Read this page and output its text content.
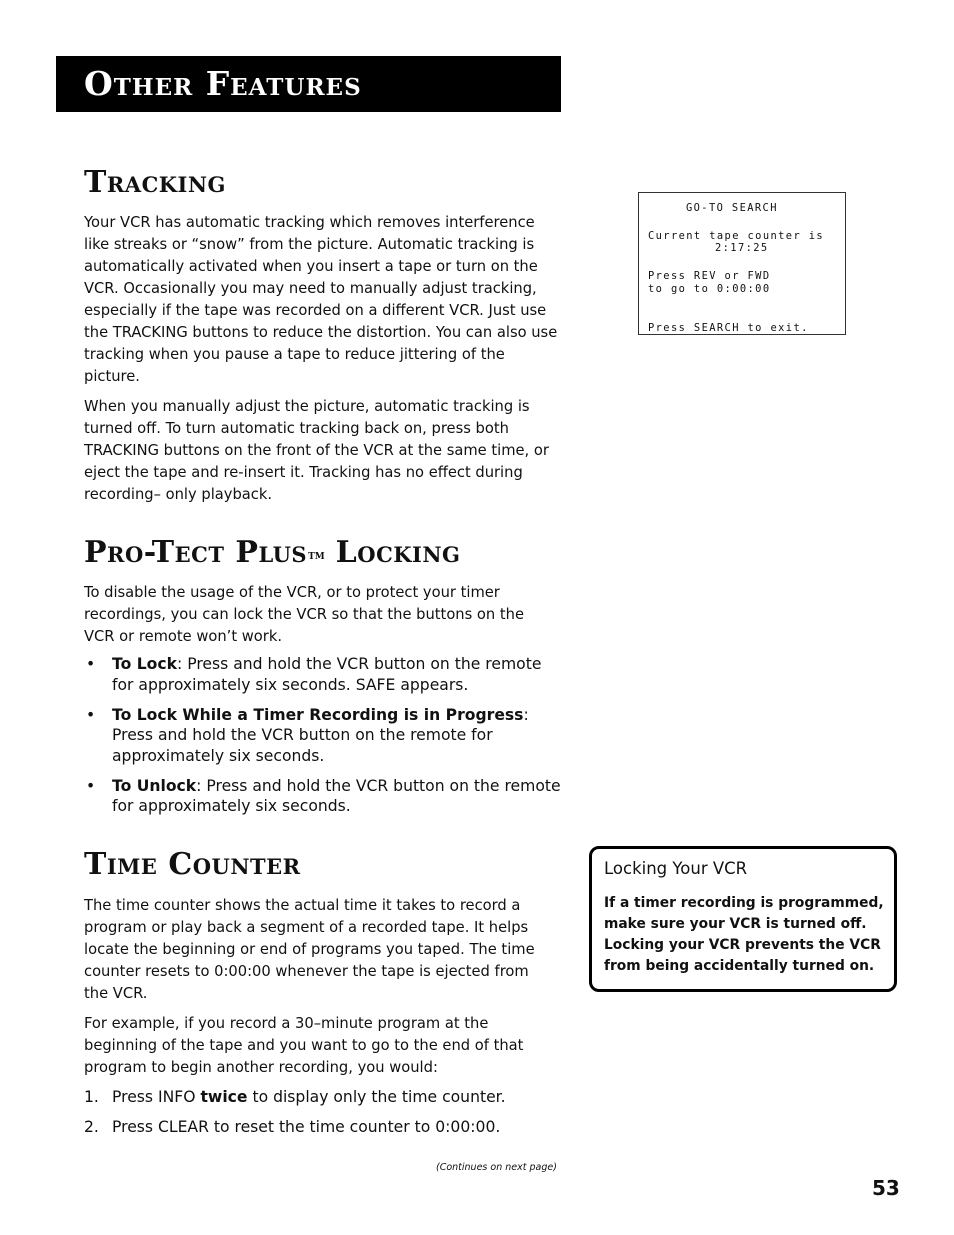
Other Features
Tracking

Your VCR has automatic tracking which removes interference like streaks or “snow” from the picture. Automatic tracking is automatically activated when you insert a tape or turn on the VCR. Occasionally you may need to manually adjust tracking, especially if the tape was recorded on a different VCR. Just use the TRACKING buttons to reduce the distortion. You can also use tracking when you pause a tape to reduce jittering of the picture.

When you manually adjust the picture, automatic tracking is turned off. To turn automatic tracking back on, press both TRACKING buttons on the front of the VCR at the same time, or eject the tape and re-insert it. Tracking has no effect during recording– only playback.

GO-TO SEARCH
Current tape counter is
2:17:25
Press REV or FWD
to go to 0:00:00
Press SEARCH to exit.
Pro-Tect Plus™ Locking

To disable the usage of the VCR, or to protect your timer recordings, you can lock the VCR so that the buttons on the VCR or remote won’t work.

• To Lock: Press and hold the VCR button on the remote for approximately six seconds. SAFE appears.
• To Lock While a Timer Recording is in Progress: Press and hold the VCR button on the remote for approximately six seconds.
• To Unlock: Press and hold the VCR button on the remote for approximately six seconds.
Time Counter

The time counter shows the actual time it takes to record a program or play back a segment of a recorded tape. It helps locate the beginning or end of programs you taped. The time counter resets to 0:00:00 whenever the tape is ejected from the VCR.

For example, if you record a 30–minute program at the beginning of the tape and you want to go to the end of that program to begin another recording, you would:

1. Press INFO twice to display only the time counter.
2. Press CLEAR to reset the time counter to 0:00:00.
Locking Your VCR

If a timer recording is programmed, make sure your VCR is turned off. Locking your VCR prevents the VCR from being accidentally turned on.

(Continues on next page)
53
